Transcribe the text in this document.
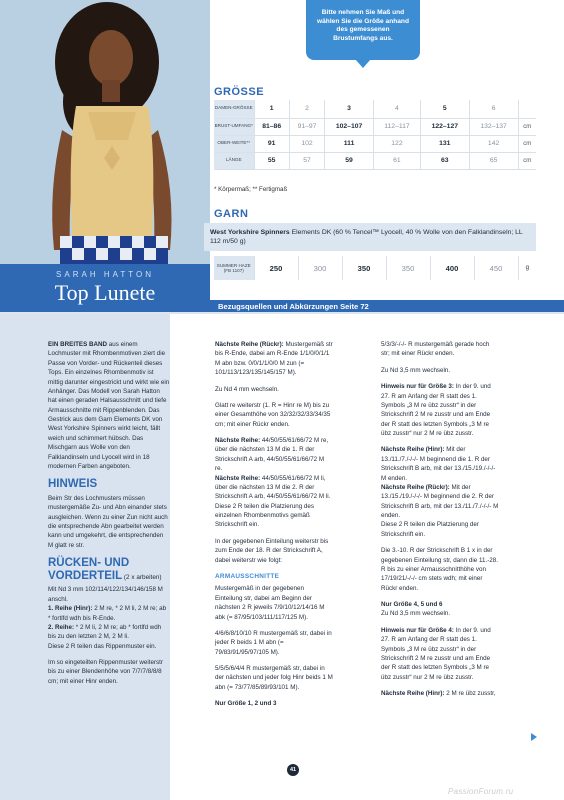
SARAH HATTON
Top Lunete
Bitte nehmen Sie Maß und wählen Sie die Größe anhand des gemessenen Brustumfangs aus.
GRÖSSE
DAMEN-GRÖSSE	1	2	3	4	5	6	
BRUST-UMFANG*	81–86	91–97	102–107	112–117	122–127	132–137	cm
OBER-WEITE**	91	102	111	122	131	142	cm
LÄNGE	55	57	59	61	63	65	cm
* Körpermaß; ** Fertigmaß
GARN
West Yorkshire Spinners Elements DK (60 % Tencel™ Lyocell, 40 % Wolle von den Falklandinseln; LL 112 m/50 g)
SUMMER HAZE (FB 1107)	250	300	350	350	400	450	g
Bezugsquellen und Abkürzungen Seite 72

EIN BREITES BAND aus einem Lochmuster mit Rhombenmotiven ziert die Passe von Vorder- und Rückenteil dieses Tops. Ein einzelnes Rhombenmotiv ist mittig darunter eingestrickt und wirkt wie ein Anhänger. Das Modell von Sarah Hatton hat einen geraden Halsausschnitt und tiefe Armausschnitte mit Rippenblenden. Das Gestrick aus dem Garn Elements DK von West Yorkshire Spinners wirkt leicht, fällt weich und schimmert hübsch. Das Mischgarn aus Wolle von den Falklandinseln und Lyocell wird in 18 modernen Farben angeboten.

HINWEIS

Beim Str des Lochmusters müssen mustergemäße Zu- und Abn einander stets ausgleichen. Wenn zu einer Zun nicht auch die entsprechende Abn gearbeitet werden kann und umgekehrt, die entsprechenden M glatt re str.

RÜCKEN- UND VORDERTEIL (2 x arbeiten)
Mit Nd 3 mm 102/114/122/134/146/158 M anschl.
1. Reihe (Hinr): 2 M re, * 2 M li, 2 M re; ab * fortlfd wdh bis R-Ende.
2. Reihe: * 2 M li, 2 M re; ab * fortlfd wdh bis zu den letzten 2 M, 2 M li.

Diese 2 R teilen das Rippenmuster ein.

Im so eingeteilten Rippenmuster weiterstr bis zu einer Blendenhöhe von 7/7/7/8/8/8 cm; mit einer Hinr enden.

Nächste Reihe (Rückr): Mustergemäß str bis R-Ende, dabei am R-Ende 1/1/0/0/1/1 M abn bzw. 0/0/1/1/0/0 M zun (= 101/113/123/135/145/157 M).

Zu Nd 4 mm wechseln.

Glatt re weiterstr (1. R = Hinr re M) bis zu einer Gesamthöhe von 32/32/32/33/34/35 cm; mit einer Rückr enden.

Nächste Reihe: 44/50/55/61/66/72 M re, über die nächsten 13 M die 1. R der Strickschrift A arb, 44/50/55/61/66/72 M re.
Nächste Reihe: 44/50/55/61/66/72 M li, über die nächsten 13 M die 2. R der Strickschrift A arb, 44/50/55/61/66/72 M li.

Diese 2 R teilen die Platzierung des einzelnen Rhombenmotivs gemäß Strickschrift ein.

In der gegebenen Einteilung weiterstr bis zum Ende der 18. R der Strickschrift A, dabei weiterstr wie folgt:

ARMAUSSCHNITTE

Mustergemäß in der gegebenen Einteilung str, dabei am Beginn der nächsten 2 R jeweils 7/9/10/12/14/16 M abk (= 87/95/103/111/117/125 M).

4/6/6/8/10/10 R mustergemäß str, dabei in jeder R beids 1 M abn (= 79/83/91/95/97/105 M).

5/5/5/6/4/4 R mustergemäß str, dabei in der nächsten und jeder folg Hinr beids 1 M abn (= 73/77/85/89/93/101 M).

Nur Größe 1, 2 und 3

5/3/3/-/-/- R mustergemäß gerade hoch str; mit einer Rückr enden.

Zu Nd 3,5 mm wechseln.

Hinweis nur für Größe 3: In der 9. und 27. R am Anfang der R statt des 1. Symbols „3 M re übz zusstr“ in der Strickschrift 2 M re zusstr und am Ende der R statt des letzten Symbols „3 M re übz zusstr“ nur 2 M re übz zusstr.

Nächste Reihe (Hinr): Mit der 13./11./7./-/-/- M beginnend die 1. R der Strickschrift B arb, mit der 13./15./19./-/-/- M enden.
Nächste Reihe (Rückr): Mit der 13./15./19./-/-/- M beginnend die 2. R der Strickschrift B arb, mit der 13./11./7./-/-/- M enden.

Diese 2 R teilen die Platzierung der Strickschrift ein.

Die 3.-10. R der Strickschrift B 1 x in der gegebenen Einteilung str, dann die 11.-28. R bis zu einer Armausschnitthöhe von 17/19/21/-/-/- cm stets wdh; mit einer Rückr enden.

Nur Größe 4, 5 und 6

Zu Nd 3,5 mm wechseln.

Hinweis nur für Größe 4: In der 9. und 27. R am Anfang der R statt des 1. Symbols „3 M re übz zusstr“ in der Strickschrift 2 M re zusstr und am Ende der R statt des letzten Symbols „3 M re übz zusstr“ nur 2 M re übz zusstr.

Nächste Reihe (Hinr): 2 M re übz zusstr,
41
PassionForum.ru
